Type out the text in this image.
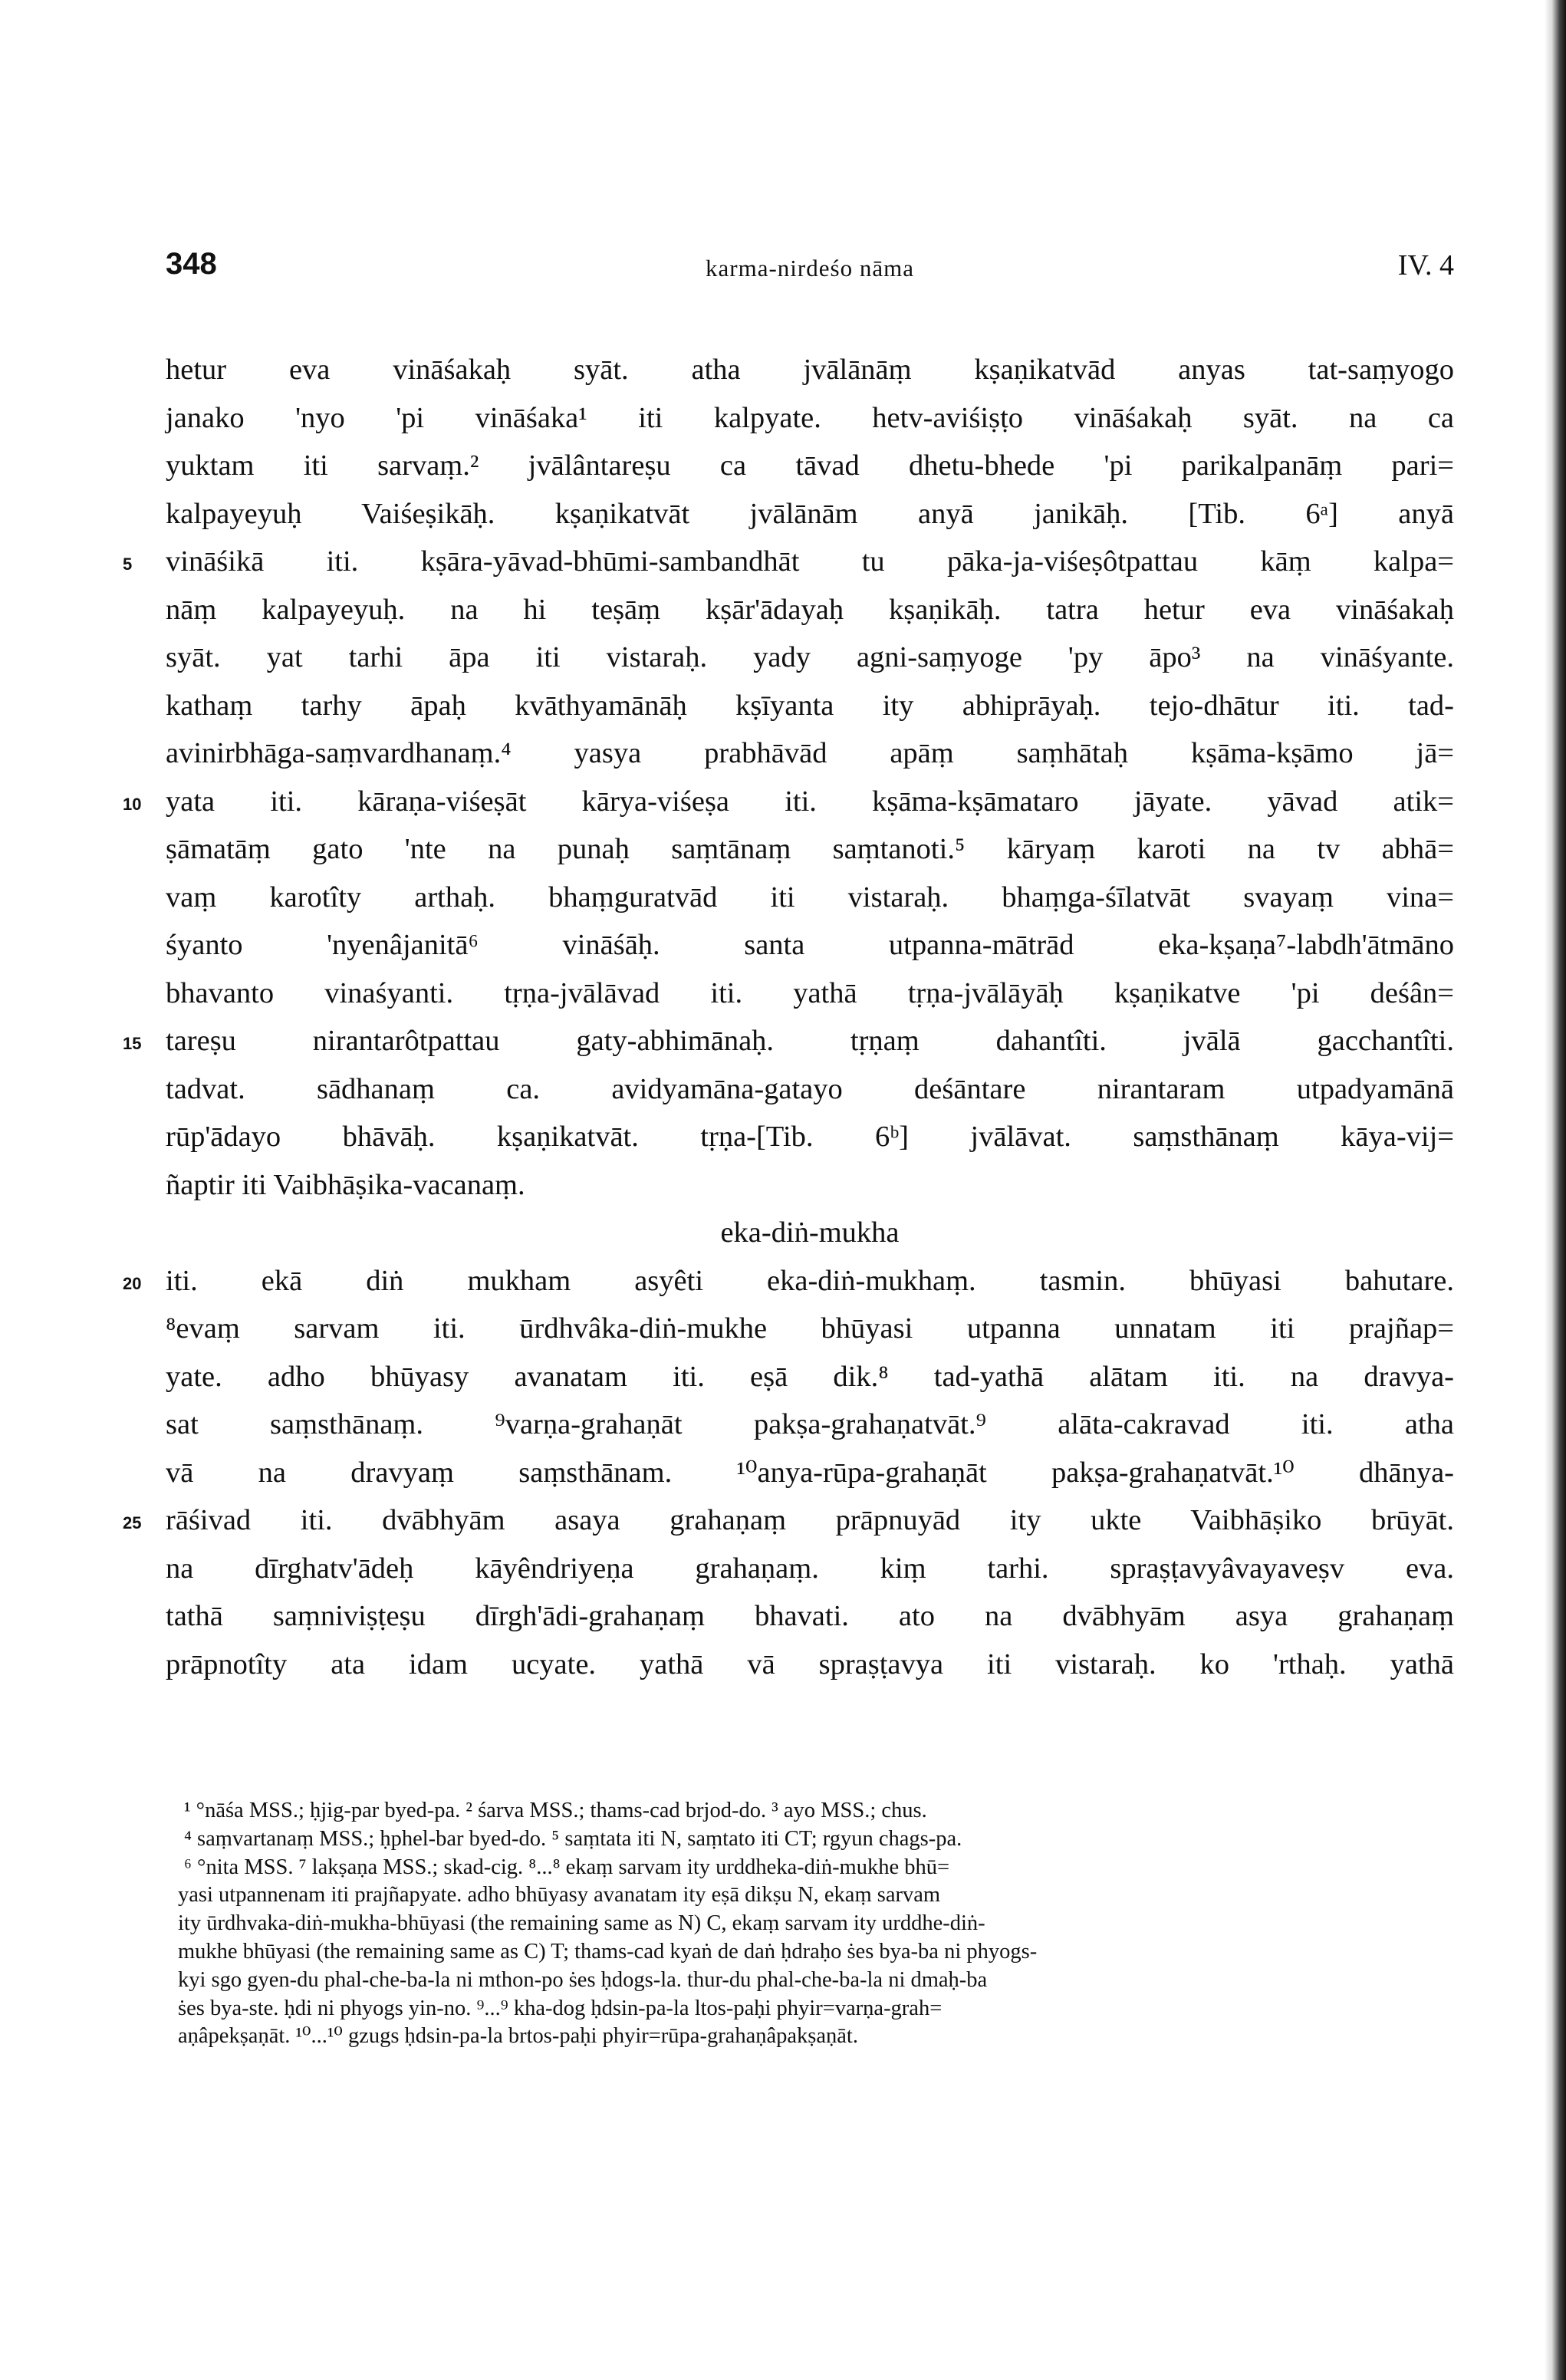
348	karma-nirdeśo nāma	IV. 4
hetur eva vināśakaḥ syāt. atha jvālānāṃ kṣaṇikatvād anyas tat-saṃyogo
janako 'nyo 'pi vināśaka¹ iti kalpyate. hetv-aviśiṣṭo vināśakaḥ syāt. na ca
yuktam iti sarvaṃ.² jvālântareṣu ca tāvad dhetu-bhede 'pi parikalpanāṃ pari=
kalpayeyuḥ Vaiśeṣikāḥ. kṣaṇikatvāt jvālānām anyā janikāḥ. [Tib. 6ᵃ] anyā
vināśikā iti. kṣāra-yāvad-bhūmi-sambandhāt tu pāka-ja-viśeṣôtpattau kāṃ kalpa=
5
nāṃ kalpayeyuḥ. na hi teṣāṃ kṣār'ādayaḥ kṣaṇikāḥ. tatra hetur eva vināśakaḥ
syāt. yat tarhi āpa iti vistaraḥ. yady agni-saṃyoge 'py āpo³ na vināśyante.
kathaṃ tarhy āpaḥ kvāthyamānāḥ kṣīyanta ity abhiprāyaḥ. tejo-dhātur iti. tad-
avinirbhāga-saṃvardhanaṃ.⁴ yasya prabhāvād apāṃ saṃhātaḥ kṣāma-kṣāmo jā=
yata iti. kāraṇa-viśeṣāt kārya-viśeṣa iti. kṣāma-kṣāmataro jāyate. yāvad atik=
10
ṣāmatāṃ gato 'nte na punaḥ saṃtānaṃ saṃtanoti.⁵ kāryaṃ karoti na tv abhā=
vaṃ karotîty arthaḥ. bhaṃguratvād iti vistaraḥ. bhaṃga-śīlatvāt svayaṃ vina=
śyanto 'nyenâjanitā⁶ vināśāḥ. santa utpanna-mātrād eka-kṣaṇa⁷-labdh'ātmāno
bhavanto vinaśyanti. tṛṇa-jvālāvad iti. yathā tṛṇa-jvālāyāḥ kṣaṇikatve 'pi deśân=
tareṣu nirantarôtpattau gaty-abhimānaḥ. tṛṇaṃ dahantîti. jvālā gacchantîti.
15
tadvat. sādhanaṃ ca. avidyamāna-gatayo deśāntare nirantaram utpadyamānā
rūp'ādayo bhāvāḥ. kṣaṇikatvāt. tṛṇa-[Tib. 6ᵇ] jvālāvat. saṃsthānaṃ kāya-vij=
ñaptir iti Vaibhāṣika-vacanaṃ.
eka-diṅ-mukha
iti. ekā diṅ mukham asyêti eka-diṅ-mukhaṃ. tasmin. bhūyasi bahutare.
20
⁸evaṃ sarvam iti. ūrdhvâka-diṅ-mukhe bhūyasi utpanna unnatam iti prajñap=
yate. adho bhūyasy avanatam iti. eṣā dik.⁸ tad-yathā alātam iti. na dravya-
sat saṃsthānaṃ. ⁹varṇa-grahaṇāt pakṣa-grahaṇatvāt.⁹ alāta-cakravad iti. atha
vā na dravyaṃ saṃsthānam. ¹⁰anya-rūpa-grahaṇāt pakṣa-grahaṇatvāt.¹⁰ dhānya-
rāśivad iti. dvābhyām asaya grahaṇaṃ prāpnuyād ity ukte Vaibhāṣiko brūyāt.
25
na dīrghatv'ādeḥ kāyêndriyeṇa grahaṇaṃ. kiṃ tarhi. spraṣṭavyâvayaveṣv eva.
tathā saṃniviṣṭeṣu dīrgh'ādi-grahaṇaṃ bhavati. ato na dvābhyām asya grahaṇaṃ
prāpnotîty ata idam ucyate. yathā vā spraṣṭavya iti vistaraḥ. ko 'rthaḥ. yathā
¹ °nāśa MSS.; ḥjig-par byed-pa. ² śarva MSS.; thams-cad brjod-do. ³ ayo MSS.; chus.
⁴ saṃvartanaṃ MSS.; ḥphel-bar byed-do. ⁵ saṃtata iti N, saṃtato iti CT; rgyun chags-pa.
⁶ °nita MSS. ⁷ lakṣaṇa MSS.; skad-cig. ⁸...⁸ ekaṃ sarvam ity urddheka-diṅ-mukhe bhū=
yasi utpannenam iti prajñapyate. adho bhūyasy avanatam ity eṣā dikṣu N, ekaṃ sarvam
ity ūrdhvaka-diṅ-mukha-bhūyasi (the remaining same as N) C, ekaṃ sarvam ity urddhe-diṅ-
mukhe bhūyasi (the remaining same as C) T; thams-cad kyaṅ de daṅ ḥdraḥo ṡes bya-ba ni phyogs-
kyi sgo gyen-du phal-che-ba-la ni mthon-po ṡes ḥdogs-la. thur-du phal-che-ba-la ni dmaḥ-ba
ṡes bya-ste. ḥdi ni phyogs yin-no. ⁹...⁹ kha-dog ḥdsin-pa-la ltos-paḥi phyir=varṇa-grah=
aṇâpekṣaṇāt. ¹⁰...¹⁰ gzugs ḥdsin-pa-la brtos-paḥi phyir=rūpa-grahaṇâpakṣaṇāt.
